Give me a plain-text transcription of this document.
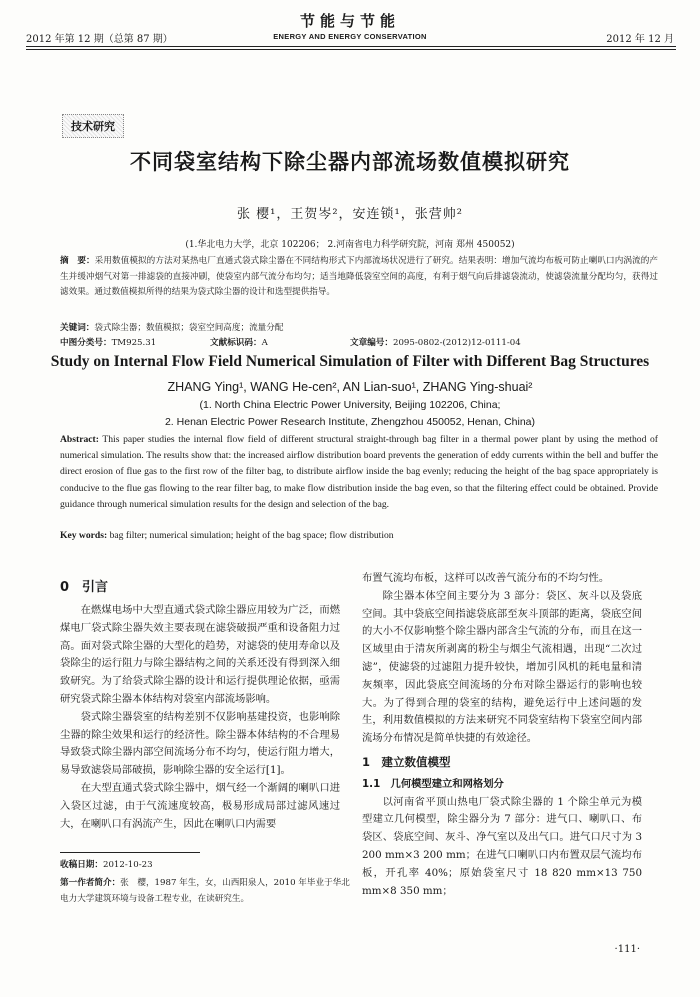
2012 年第 12 期（总第 87 期）
节能与节能
ENERGY AND ENERGY CONSERVATION	2012 年 12 月
技术研究
不同袋室结构下除尘器内部流场数值模拟研究
张 樱¹，王贺岑²，安连锁¹，张营帅²
(1.华北电力大学，北京 102206； 2.河南省电力科学研究院，河南 郑州 450052)
摘　要：采用数值模拟的方法对某热电厂直通式袋式除尘器在不同结构形式下内部流场状况进行了研究。结果表明：增加气流均布板可防止喇叭口内涡流的产生并缓冲烟气对第一排滤袋的直接冲刷，使袋室内部气流分布均匀；适当地降低袋室空间的高度，有利于烟气向后排滤袋流动，使滤袋流量分配均匀，获得过滤效果。通过数值模拟所得的结果为袋式除尘器的设计和选型提供指导。
关键词：袋式除尘器；数值模拟；袋室空间高度；流量分配
中图分类号：TM925.31	文献标识码：A	文章编号：2095-0802-(2012)12-0111-04
Study on Internal Flow Field Numerical Simulation of Filter with Different Bag Structures
ZHANG Ying¹, WANG He-cen², AN Lian-suo¹, ZHANG Ying-shuai²
(1. North China Electric Power University, Beijing 102206, China;
2. Henan Electric Power Research Institute, Zhengzhou 450052, Henan, China)
Abstract: This paper studies the internal flow field of different structural straight-through bag filter in a thermal power plant by using the method of numerical simulation. The results show that: the increased airflow distribution board prevents the generation of eddy currents within the bell and buffer the direct erosion of flue gas to the first row of the filter bag, to distribute airflow inside the bag evenly; reducing the height of the bag space appropriately is conducive to the flue gas flowing to the rear filter bag, to make flow distribution inside the bag even, so that the filtering effect could be obtained. Provide guidance through numerical simulation results for the design and selection of the bag.
Key words: bag filter; numerical simulation; height of the bag space; flow distribution
0　引言

在燃煤电场中大型直通式袋式除尘器应用较为广泛，而燃煤电厂袋式除尘器失效主要表现在滤袋破损严重和设备阻力过高。面对袋式除尘器的大型化的趋势，对滤袋的使用寿命以及袋除尘的运行阻力与除尘器结构之间的关系还没有得到深入细致研究。为了给袋式除尘器的设计和运行提供理论依据，亟需研究袋式除尘器本体结构对袋室内部流场影响。

袋式除尘器袋室的结构差别不仅影响基建投资，也影响除尘器的除尘效果和运行的经济性。除尘器本体结构的不合理易导致袋式除尘器内部空间流场分布不均匀，使运行阻力增大，易导致滤袋局部破损，影响除尘器的安全运行[1]。

在大型直通式袋式除尘器中，烟气经一个渐阔的喇叭口进入袋区过滤，由于气流速度较高，极易形成局部过滤风速过大，在喇叭口有涡流产生，因此在喇叭口内需要

布置气流均布板，这样可以改善气流分布的不均匀性。

除尘器本体空间主要分为 3 部分：袋区、灰斗以及袋底空间。其中袋底空间指滤袋底部至灰斗顶部的距离，袋底空间的大小不仅影响整个除尘器内部含尘气流的分布，而且在这一区域里由于清灰所剥离的粉尘与烟尘气流相遇，出现“二次过滤”，使滤袋的过滤阻力提升较快，增加引风机的耗电量和清灰频率，因此袋底空间流场的分布对除尘器运行的影响也较大。为了得到合理的袋室的结构，避免运行中上述问题的发生，利用数值模拟的方法来研究不同袋室结构下袋室空间内部流场分布情况是简单快捷的有效途径。

1　建立数值模型
1.1　几何模型建立和网格划分

以河南省平顶山热电厂袋式除尘器的 1 个除尘单元为模型建立几何模型，除尘器分为 7 部分：进气口、喇叭口、布袋区、袋底空间、灰斗、净气室以及出气口。进气口尺寸为 3 200 mm×3 200 mm；在进气口喇叭口内布置双层气流均布板，开孔率 40%；原始袋室尺寸 18 820 mm×13 750 mm×8 350 mm；

收稿日期：2012-10-23
第一作者简介：张　樱，1987 年生，女，山西阳泉人，2010 年毕业于华北电力大学建筑环境与设备工程专业，在读研究生。
·111·
